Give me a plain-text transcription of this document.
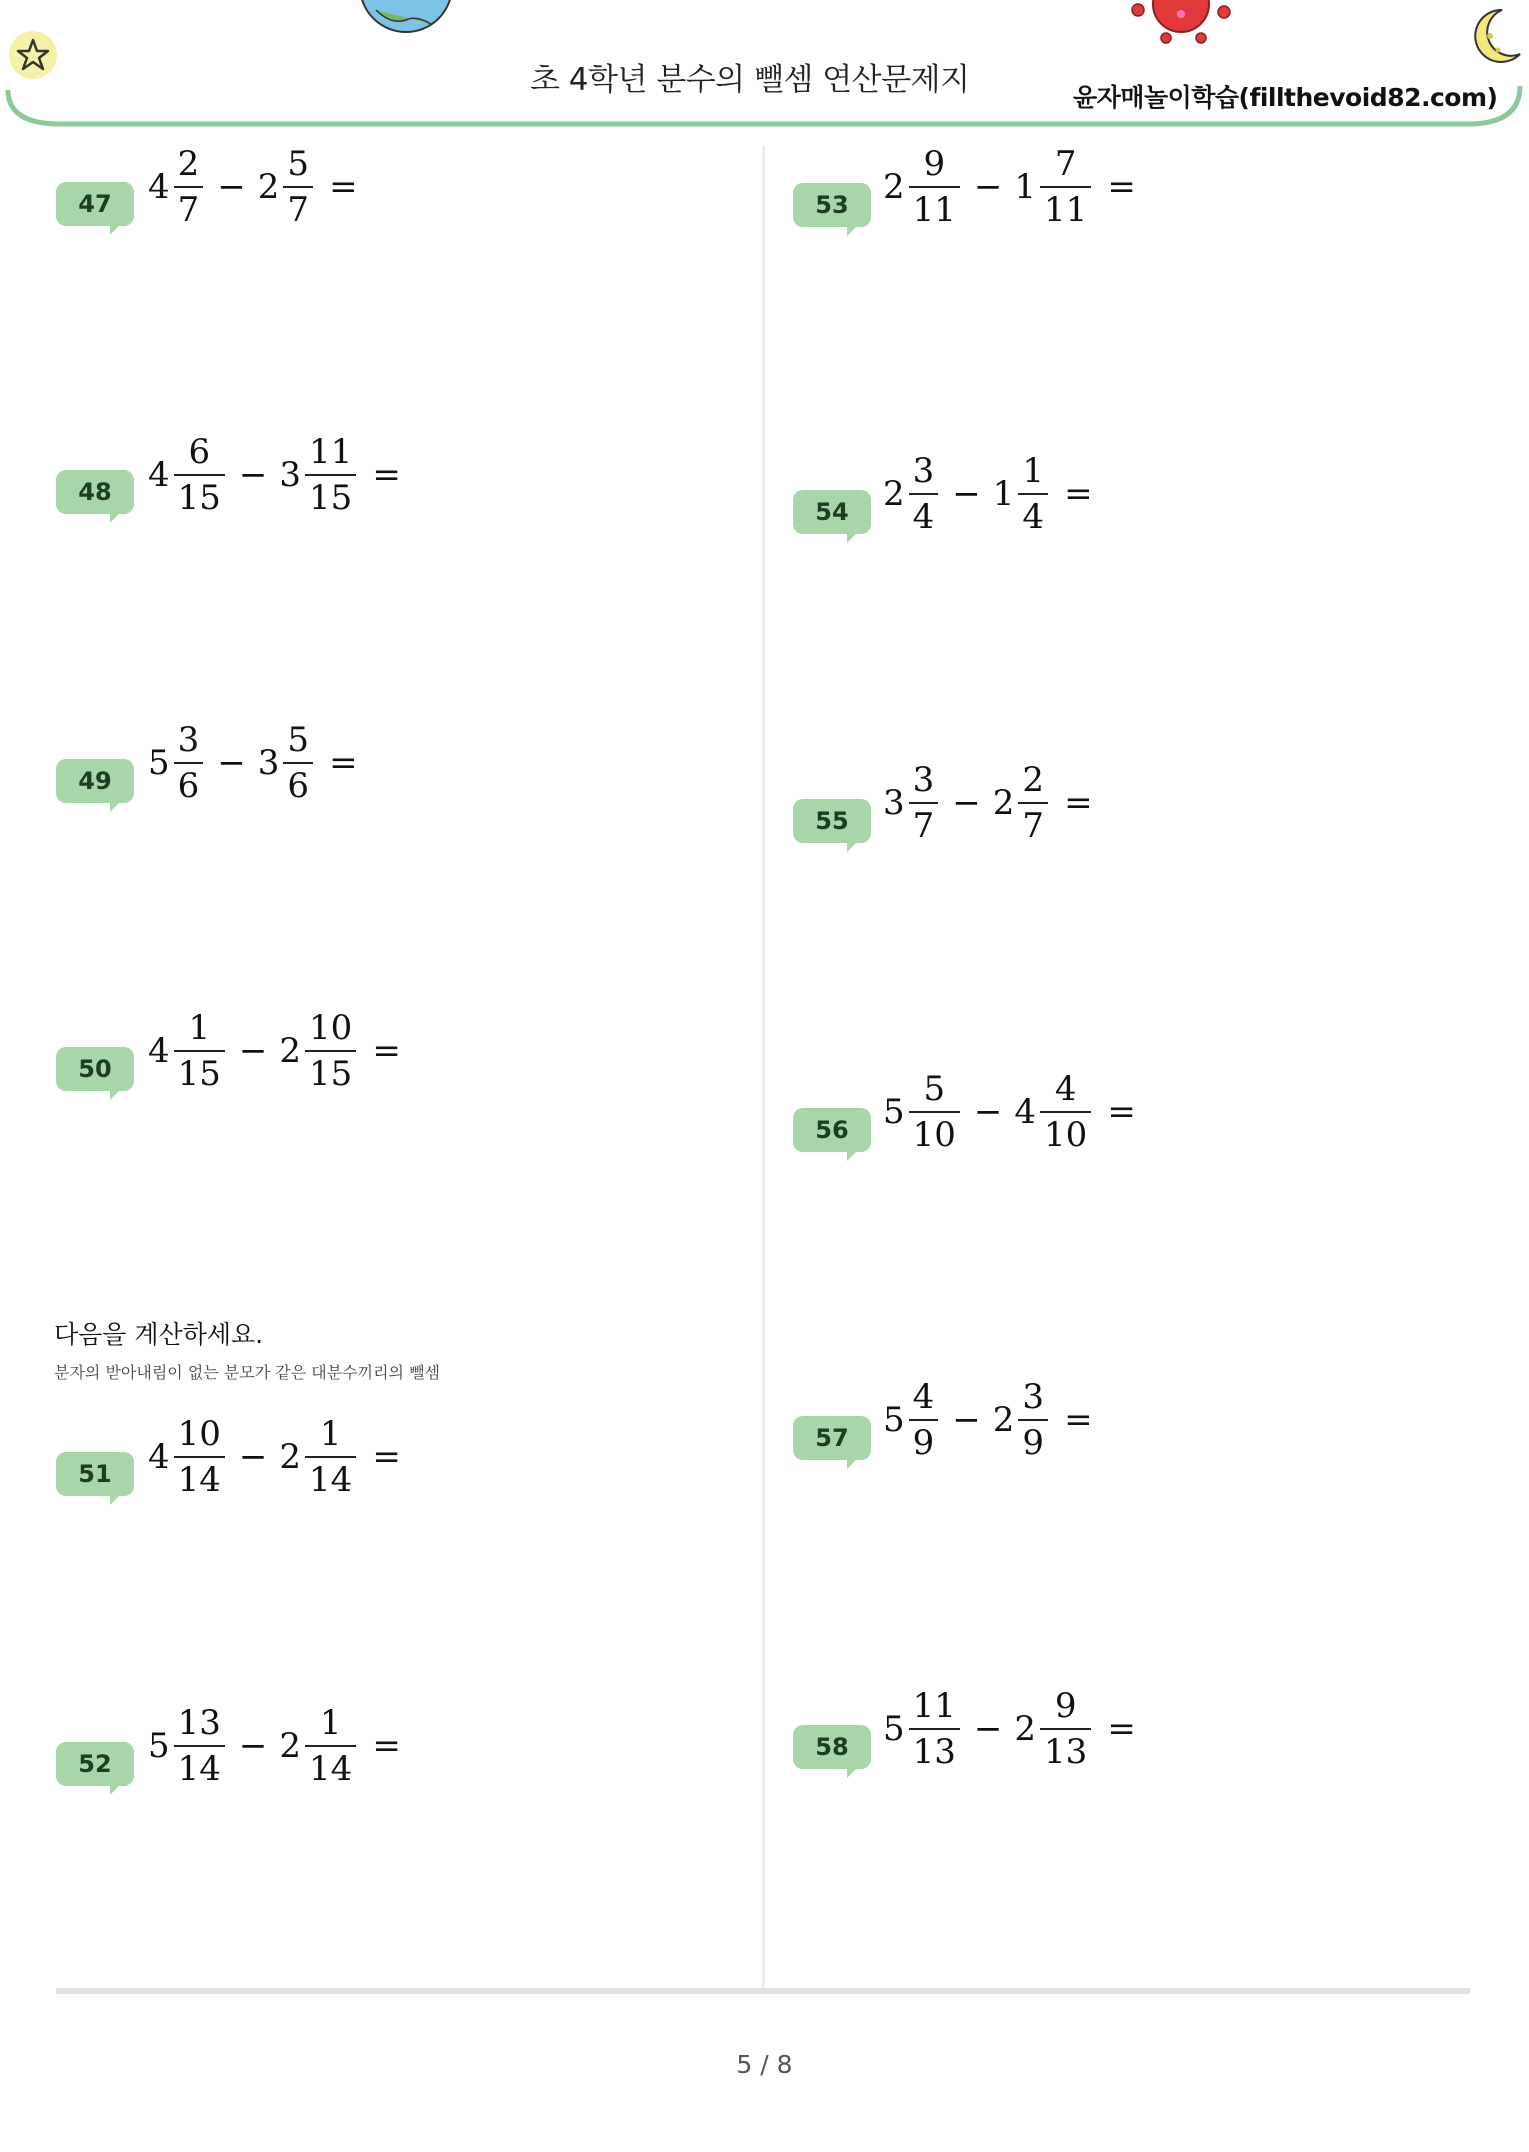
초 4학년 분수의 뺄셈 연산문제지	윤자매놀이학습(fillthevoid82.com)
47	$4 \frac{2}{7} - 2 \frac{5}{7}$ =
48	$4 \frac{6}{15} - 3 \frac{11}{15}$ =
49	$5 \frac{3}{6} - 3 \frac{5}{6}$ =
50	$4 \frac{1}{15} - 2 \frac{10}{15}$ =
51	$4 \frac{10}{14} - 2 \frac{1}{14}$ =
52	$5 \frac{13}{14} - 2 \frac{1}{14}$ =
53	$2 \frac{9}{11} - 1 \frac{7}{11}$ =
54	$2 \frac{3}{4} - 1 \frac{1}{4}$ =
55	$3 \frac{3}{7} - 2 \frac{2}{7}$ =
56	$5 \frac{5}{10} - 4 \frac{4}{10}$ =
57	$5 \frac{4}{9} - 2 \frac{3}{9}$ =
58	$5 \frac{11}{13} - 2 \frac{9}{13}$ =
다음을 계산하세요.
분자의 받아내림이 없는 분모가 같은 대분수끼리의 뺄셈
5 / 8
